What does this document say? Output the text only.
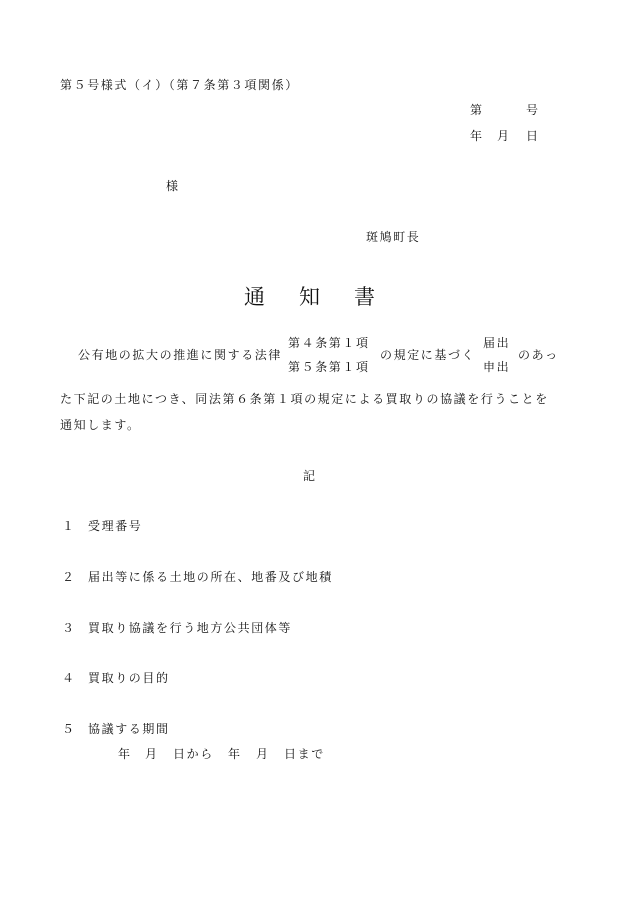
第５号様式（イ）（第７条第３項関係）
第	号
年 月 日
様
斑鳩町長
通 知 書
公有地の拡大の推進に関する法律
第４条第１項
第５条第１項
の規定に基づく
届出
申出
のあっ
た下記の土地につき、同法第６条第１項の規定による買取りの協議を行うことを
通知します。
記
１ 受理番号
２ 届出等に係る土地の所在、地番及び地積
３ 買取り協議を行う地方公共団体等
４ 買取りの目的
５ 協議する期間
年 月 日から 年 月 日まで
